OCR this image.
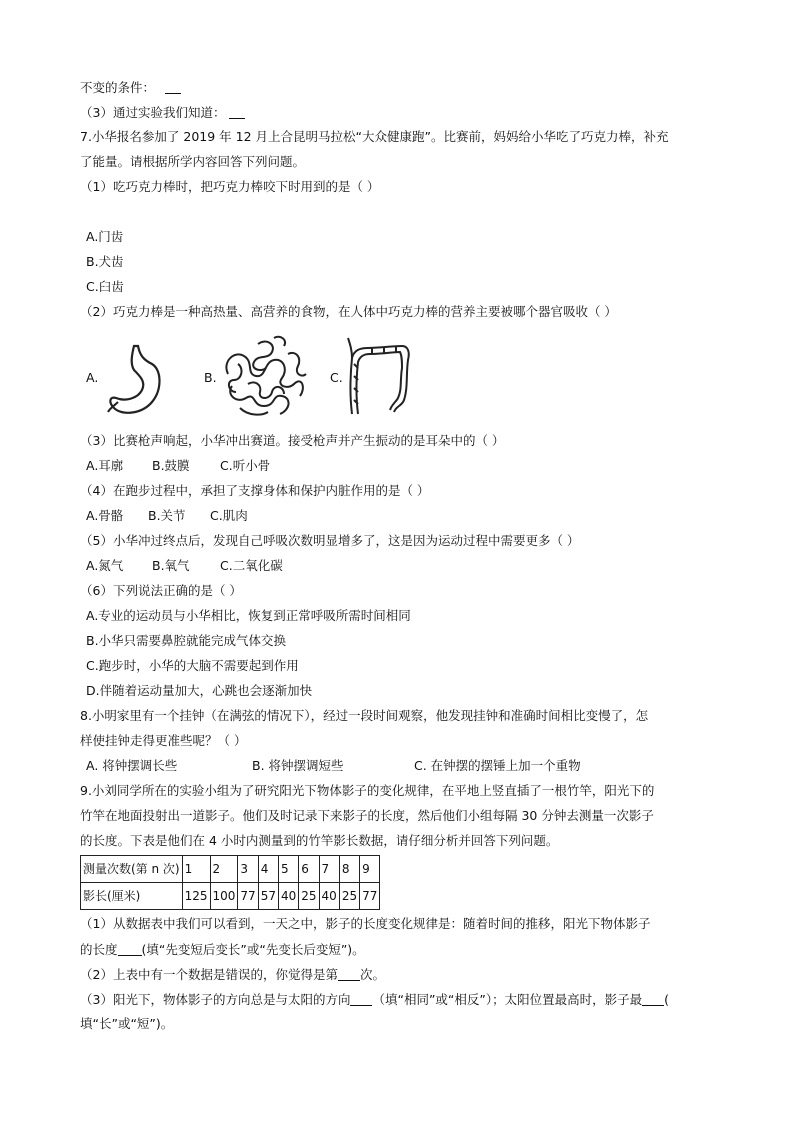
不变的条件：
（3）通过实验我们知道：
7.小华报名参加了 2019 年 12 月上合昆明马拉松“大众健康跑”。比赛前，妈妈给小华吃了巧克力棒，补充
了能量。请根据所学内容回答下列问题。
（1）吃巧克力棒时，把巧克力棒咬下时用到的是（ ）
A.门齿
B.犬齿
C.臼齿
（2）巧克力棒是一种高热量、高营养的食物，在人体中巧克力棒的营养主要被哪个器官吸收（ ）
A.	B.	C.
（3）比赛枪声响起，小华冲出赛道。接受枪声并产生振动的是耳朵中的（ ）
A.耳廓 B.鼓膜 C.听小骨
（4）在跑步过程中，承担了支撑身体和保护内脏作用的是（ ）
A.骨骼 B.关节 C.肌肉
（5）小华冲过终点后，发现自己呼吸次数明显增多了，这是因为运动过程中需要更多（ ）
A.氮气 B.氧气 C.二氧化碳
（6）下列说法正确的是（ ）
A.专业的运动员与小华相比，恢复到正常呼吸所需时间相同
B.小华只需要鼻腔就能完成气体交换
C.跑步时，小华的大脑不需要起到作用
D.伴随着运动量加大，心跳也会逐渐加快
8.小明家里有一个挂钟（在满弦的情况下），经过一段时间观察，他发现挂钟和准确时间相比变慢了，怎
样使挂钟走得更准些呢？（ ）
A. 将钟摆调长些	B. 将钟摆调短些	C. 在钟摆的摆锤上加一个重物
9.小刘同学所在的实验小组为了研究阳光下物体影子的变化规律，在平地上竖直插了一根竹竿，阳光下的
竹竿在地面投射出一道影子。他们及时记录下来影子的长度，然后他们小组每隔 30 分钟去测量一次影子
的长度。下表是他们在 4 小时内测量到的竹竿影长数据，请仔细分析并回答下列问题。
测量次数(第 n 次)	1	2	3	4	5	6	7	8	9
影长(厘米)	125	100	77	57	40	25	40	25	77
（1）从数据表中我们可以看到，一天之中，影子的长度变化规律是：随着时间的推移，阳光下物体影子
的长度 (填“先变短后变长”或“先变长后变短”)。
（2）上表中有一个数据是错误的，你觉得是第 次。
（3）阳光下，物体影子的方向总是与太阳的方向 （填“相同”或“相反”）；太阳位置最高时，影子最 (
填“长”或“短”)。
